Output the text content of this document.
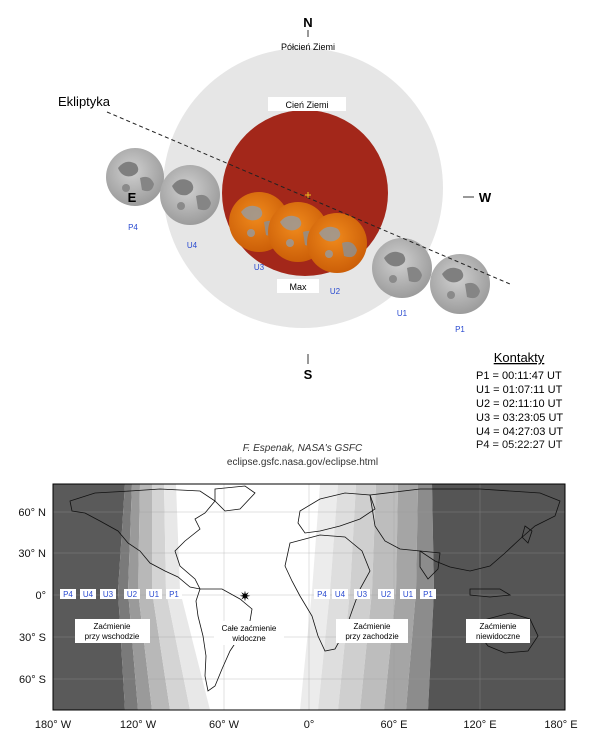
N
Półcień Ziemi
Cień Ziemi
Ekliptyka
E	W
S
Max
P4
U4
U3
U2
U1
P1
Kontakty
P1 = 00:11:47 UT
U1 = 01:07:11 UT
U2 = 02:11:10 UT
U3 = 03:23:05 UT
U4 = 04:27:03 UT
P4 = 05:22:27 UT
F. Espenak, NASA's GSFC
eclipse.gsfc.nasa.gov/eclipse.html
✷
P4 U4 U3 U2 U1 P1	P4 U4 U3 U2 U1 P1
Zaćmienie
przy wschodzie
Całe zaćmienie
widoczne
Zaćmienie
przy zachodzie
Zaćmienie
niewidoczne
60° N
30° N
0°
30° S
60° S
180° W	120° W	60° W	0°	60° E	120° E	180° E
